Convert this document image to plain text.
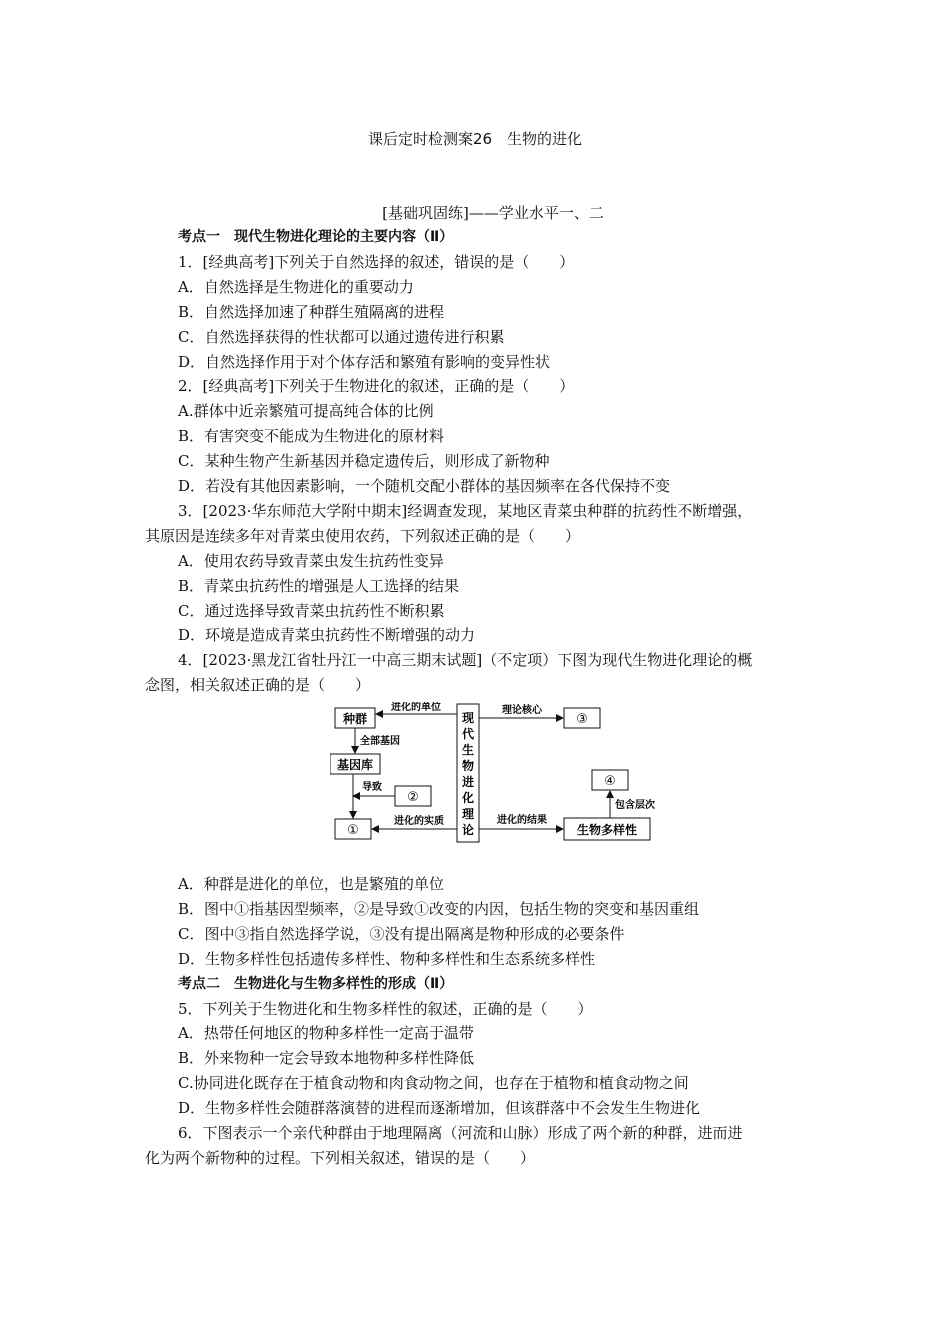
课后定时检测案26　生物的进化
[基础巩固练]——学业水平一、二
考点一　现代生物进化理论的主要内容（Ⅱ）
1．[经典高考]下列关于自然选择的叙述，错误的是（　　）
A．自然选择是生物进化的重要动力
B．自然选择加速了种群生殖隔离的进程
C．自然选择获得的性状都可以通过遗传进行积累
D．自然选择作用于对个体存活和繁殖有影响的变异性状
2．[经典高考]下列关于生物进化的叙述，正确的是（　　）
A.群体中近亲繁殖可提高纯合体的比例
B．有害突变不能成为生物进化的原材料
C．某种生物产生新基因并稳定遗传后，则形成了新物种
D．若没有其他因素影响，一个随机交配小群体的基因频率在各代保持不变
3．[2023·华东师范大学附中期末]经调查发现，某地区青菜虫种群的抗药性不断增强，
其原因是连续多年对青菜虫使用农药，下列叙述正确的是（　　）
A．使用农药导致青菜虫发生抗药性变异
B．青菜虫抗药性的增强是人工选择的结果
C．通过选择导致青菜虫抗药性不断积累
D．环境是造成青菜虫抗药性不断增强的动力
4．[2023·黑龙江省牡丹江一中高三期末试题]（不定项）下图为现代生物进化理论的概
念图，相关叙述正确的是（　　）
种群
基因库
①
②
现
代
生
物
进
化
理
论
③
④
生物多样性
进化的单位
全部基因
导致
进化的实质
理论核心
进化的结果
包含层次
A．种群是进化的单位，也是繁殖的单位
B．图中①指基因型频率，②是导致①改变的内因，包括生物的突变和基因重组
C．图中③指自然选择学说，③没有提出隔离是物种形成的必要条件
D．生物多样性包括遗传多样性、物种多样性和生态系统多样性
考点二　生物进化与生物多样性的形成（Ⅱ）
5．下列关于生物进化和生物多样性的叙述，正确的是（　　）
A．热带任何地区的物种多样性一定高于温带
B．外来物种一定会导致本地物种多样性降低
C.协同进化既存在于植食动物和肉食动物之间，也存在于植物和植食动物之间
D．生物多样性会随群落演替的进程而逐渐增加，但该群落中不会发生生物进化
6．下图表示一个亲代种群由于地理隔离（河流和山脉）形成了两个新的种群，进而进
化为两个新物种的过程。下列相关叙述，错误的是（　　）
